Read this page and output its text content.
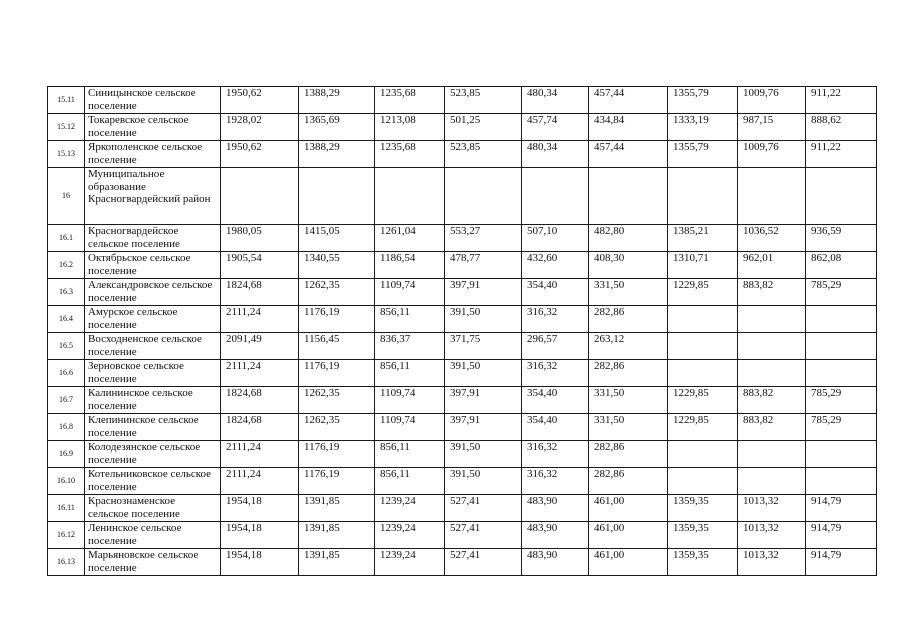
15.11	Синицынское сельское поселение	1950,62	1388,29	1235,68	523,85	480,34	457,44	1355,79	1009,76	911,22
15.12	Токаревское сельское поселение	1928,02	1365,69	1213,08	501,25	457,74	434,84	1333,19	987,15	888,62
15.13	Яркополенское сельское поселение	1950,62	1388,29	1235,68	523,85	480,34	457,44	1355,79	1009,76	911,22
16	Муниципальное образование Красногвардейский район									
16.1	Красногвардейское сельское поселение	1980,05	1415,05	1261,04	553,27	507,10	482,80	1385,21	1036,52	936,59
16.2	Октябрьское сельское поселение	1905,54	1340,55	1186,54	478,77	432,60	408,30	1310,71	962,01	862,08
16.3	Александровское сельское поселение	1824,68	1262,35	1109,74	397,91	354,40	331,50	1229,85	883,82	785,29
16.4	Амурское сельское поселение	2111,24	1176,19	856,11	391,50	316,32	282,86			
16.5	Восходненское сельское поселение	2091,49	1156,45	836,37	371,75	296,57	263,12			
16.6	Зерновское сельское поселение	2111,24	1176,19	856,11	391,50	316,32	282,86			
16.7	Калининское сельское поселение	1824,68	1262,35	1109,74	397,91	354,40	331,50	1229,85	883,82	785,29
16.8	Клепининское сельское поселение	1824,68	1262,35	1109,74	397,91	354,40	331,50	1229,85	883,82	785,29
16.9	Колодезянское сельское поселение	2111,24	1176,19	856,11	391,50	316,32	282,86			
16.10	Котельниковское сельское поселение	2111,24	1176,19	856,11	391,50	316,32	282,86			
16.11	Краснознаменское сельское поселение	1954,18	1391,85	1239,24	527,41	483,90	461,00	1359,35	1013,32	914,79
16.12	Ленинское сельское поселение	1954,18	1391,85	1239,24	527,41	483,90	461,00	1359,35	1013,32	914,79
16.13	Марьяновское сельское поселение	1954,18	1391,85	1239,24	527,41	483,90	461,00	1359,35	1013,32	914,79
